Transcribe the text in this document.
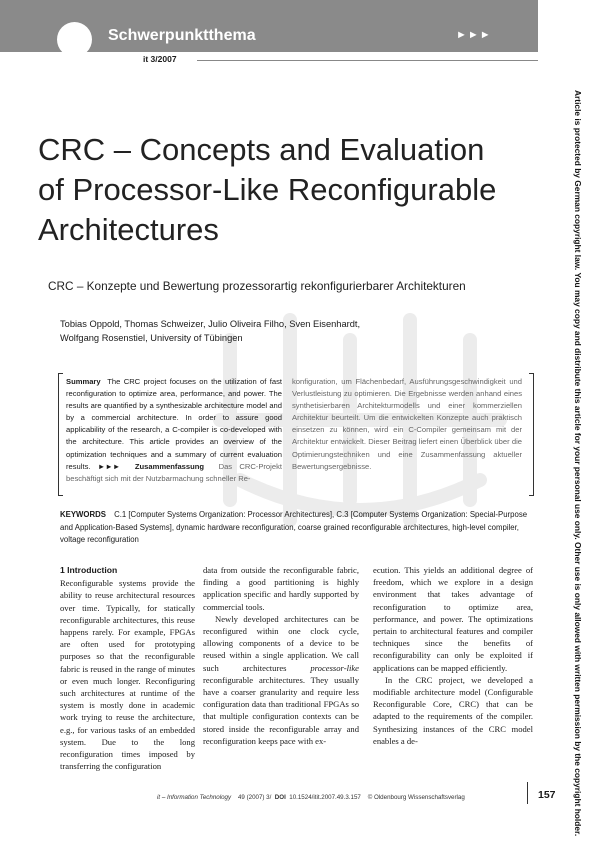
Schwerpunktthema	►►►
it 3/2007
Article is protected by German copyright law. You may copy and distribute this article for your personal use only. Other use is only allowed with written permission by the copyright holder.
CRC – Concepts and Evaluation
of Processor-Like Reconfigurable
Architectures
CRC – Konzepte und Bewertung prozessorartig rekonfigurierbarer Architekturen
Tobias Oppold, Thomas Schweizer, Julio Oliveira Filho, Sven Eisenhardt,
Wolfgang Rosenstiel, University of Tübingen
Summary The CRC project focuses on the utilization of fast reconfiguration to optimize area, performance, and power. The results are quantified by a synthesizable architecture model and by a commercial architecture. In order to assure good applicability of the research, a C-compiler is co-developed with the architecture. This article provides an overview of the optimization techniques and a summary of current evaluation results. ►►► Zusammenfassung Das CRC-Projekt beschäftigt sich mit der Nutzbarmachung schneller Re-
konfiguration, um Flächenbedarf, Ausführungsgeschwindigkeit und Verlustleistung zu optimieren. Die Ergebnisse werden anhand eines synthetisierbaren Architekturmodells und einer kommerziellen Architektur beurteilt. Um die entwickelten Konzepte auch praktisch einsetzen zu können, wird ein C-Compiler gemeinsam mit der Architektur entwickelt. Dieser Beitrag liefert einen Überblick über die Optimierungstechniken und eine Zusammenfassung aktueller Bewertungsergebnisse.
KEYWORDS C.1 [Computer Systems Organization: Processor Architectures], C.3 [Computer Systems Organization: Special-Purpose and Application-Based Systems], dynamic hardware reconfiguration, coarse grained reconfigurable architectures, high-level compiler, voltage reconfiguration
1 Introduction

Reconfigurable systems provide the ability to reuse architectural resources over time. Typically, for statically reconfigurable architectures, this reuse happens rarely. For example, FPGAs are often used for prototyping purposes so that the reconfigurable fabric is reused in the range of minutes or even much longer. Reconfiguring such architectures at runtime of the system is mostly done in academic work trying to reuse the architecture, e.g., for various tasks of an embedded system. Due to the long reconfiguration times imposed by transferring the configuration

data from outside the reconfigurable fabric, finding a good partitioning is highly application specific and hardly supported by commercial tools.

Newly developed architectures can be reconfigured within one clock cycle, allowing components of a device to be reused within a single application. We call such architectures processor-like reconfigurable architectures. They usually have a coarser granularity and require less configuration data than traditional FPGAs so that multiple configuration contexts can be stored inside the reconfigurable array and reconfiguration keeps pace with ex-

ecution. This yields an additional degree of freedom, which we explore in a design environment that takes advantage of reconfiguration to optimize area, performance, and power. The optimizations pertain to architectural features and compiler techniques since the benefits of reconfigurability can only be exploited if applications can be mapped efficiently.

In the CRC project, we developed a modifiable architecture model (Configurable Reconfigurable Core, CRC) that can be adapted to the requirements of the compiler. Synthesizing instances of the CRC model enables a de-

it – Information Technology 49 (2007) 3/ DOI 10.1524/itit.2007.49.3.157 © Oldenbourg Wissenschaftsverlag	157
